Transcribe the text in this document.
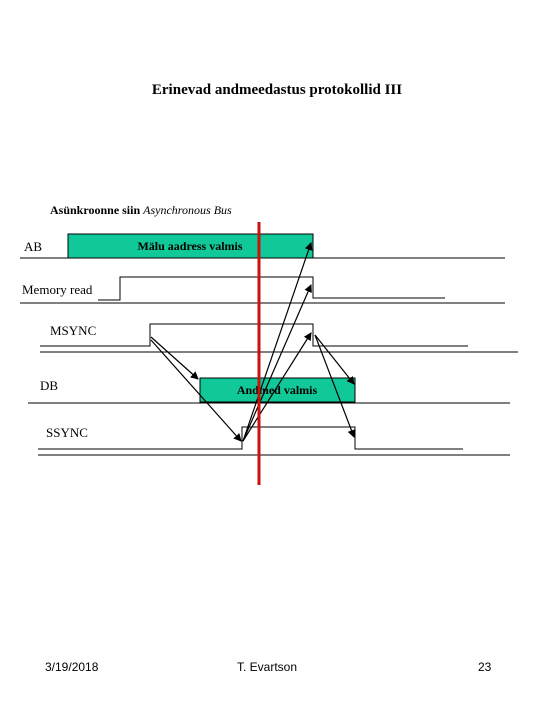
Erinevad andmeedastus protokollid III
Asünkroonne siin Asynchronous Bus
Mälu aadress valmis
Andmed valmis
AB
Memory read
MSYNC
DB
SSYNC
3/19/2018	T. Evartson	23
